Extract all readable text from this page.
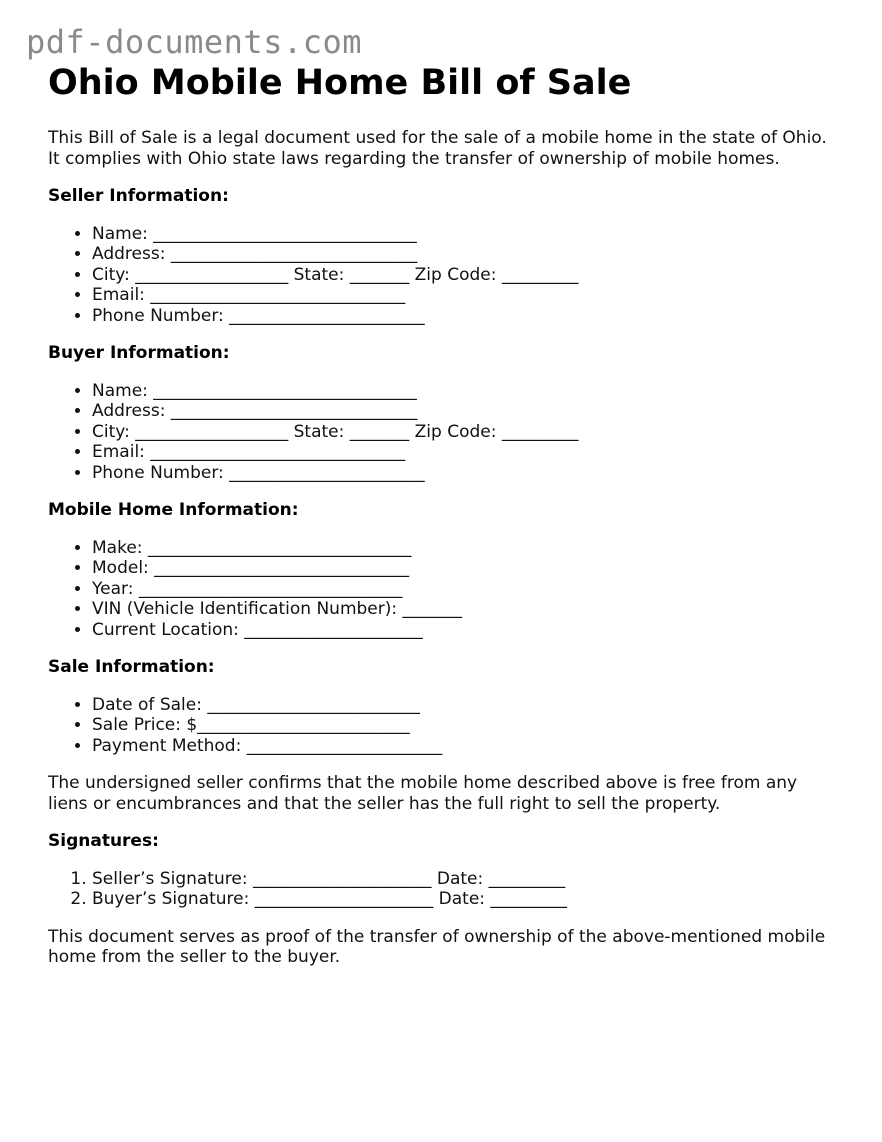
pdf-documents.com
Ohio Mobile Home Bill of Sale

This Bill of Sale is a legal document used for the sale of a mobile home in the state of Ohio. It complies with Ohio state laws regarding the transfer of ownership of mobile homes.

Seller Information:
• Name: _______________________________
• Address: _____________________________
• City: __________________ State: _______ Zip Code: _________
• Email: ______________________________
• Phone Number: _______________________
Buyer Information:
• Name: _______________________________
• Address: _____________________________
• City: __________________ State: _______ Zip Code: _________
• Email: ______________________________
• Phone Number: _______________________
Mobile Home Information:
• Make: _______________________________
• Model: ______________________________
• Year: _______________________________
• VIN (Vehicle Identification Number): _______
• Current Location: _____________________
Sale Information:
• Date of Sale: _________________________
• Sale Price: $_________________________
• Payment Method: _______________________

The undersigned seller confirms that the mobile home described above is free from any liens or encumbrances and that the seller has the full right to sell the property.

Signatures:
1. Seller’s Signature: _____________________ Date: _________
2. Buyer’s Signature: _____________________ Date: _________

This document serves as proof of the transfer of ownership of the above-mentioned mobile home from the seller to the buyer.
